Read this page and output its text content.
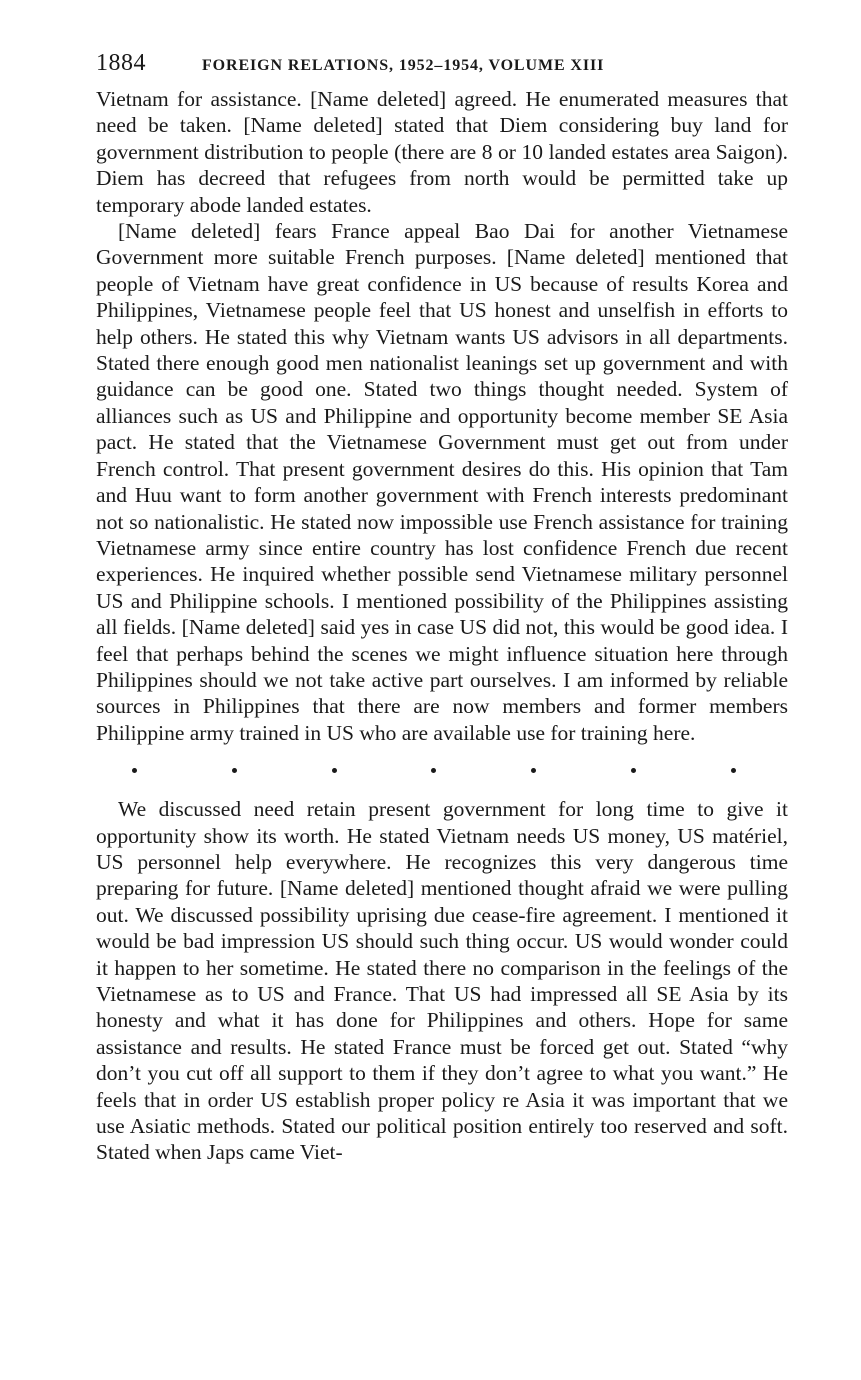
1884	FOREIGN RELATIONS, 1952–1954, VOLUME XIII

Vietnam for assistance. [Name deleted] agreed. He enumerated measures that need be taken. [Name deleted] stated that Diem considering buy land for government distribution to people (there are 8 or 10 landed estates area Saigon). Diem has decreed that refugees from north would be permitted take up temporary abode landed estates.

[Name deleted] fears France appeal Bao Dai for another Vietnamese Government more suitable French purposes. [Name deleted] mentioned that people of Vietnam have great confidence in US because of results Korea and Philippines, Vietnamese people feel that US honest and unselfish in efforts to help others. He stated this why Vietnam wants US advisors in all departments. Stated there enough good men nationalist leanings set up government and with guidance can be good one. Stated two things thought needed. System of alliances such as US and Philippine and opportunity become member SE Asia pact. He stated that the Vietnamese Government must get out from under French control. That present government desires do this. His opinion that Tam and Huu want to form another government with French interests predominant not so nationalistic. He stated now impossible use French assistance for training Vietnamese army since entire country has lost confidence French due recent experiences. He inquired whether possible send Vietnamese military personnel US and Philippine schools. I mentioned possibility of the Philippines assisting all fields. [Name deleted] said yes in case US did not, this would be good idea. I feel that perhaps behind the scenes we might influence situation here through Philippines should we not take active part ourselves. I am informed by reliable sources in Philippines that there are now members and former members Philippine army trained in US who are available use for training here.

We discussed need retain present government for long time to give it opportunity show its worth. He stated Vietnam needs US money, US matériel, US personnel help everywhere. He recognizes this very dangerous time preparing for future. [Name deleted] mentioned thought afraid we were pulling out. We discussed possibility uprising due cease-fire agreement. I mentioned it would be bad impression US should such thing occur. US would wonder could it happen to her sometime. He stated there no comparison in the feelings of the Vietnamese as to US and France. That US had impressed all SE Asia by its honesty and what it has done for Philippines and others. Hope for same assistance and results. He stated France must be forced get out. Stated “why don’t you cut off all support to them if they don’t agree to what you want.” He feels that in order US establish proper policy re Asia it was important that we use Asiatic methods. Stated our political position entirely too reserved and soft. Stated when Japs came Viet-
